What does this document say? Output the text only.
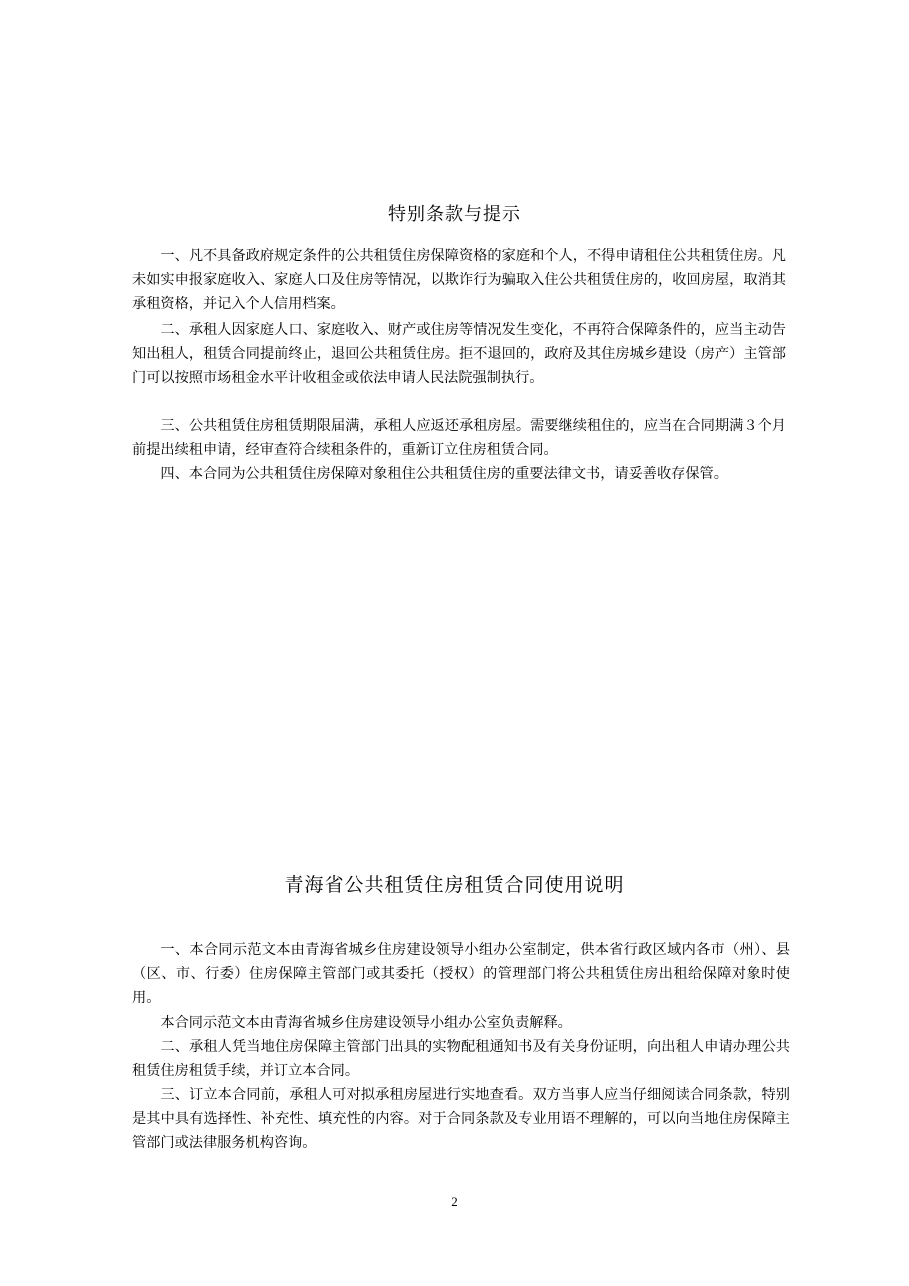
特别条款与提示

一、凡不具备政府规定条件的公共租赁住房保障资格的家庭和个人，不得申请租住公共租赁住房。凡未如实申报家庭收入、家庭人口及住房等情况，以欺诈行为骗取入住公共租赁住房的，收回房屋，取消其承租资格，并记入个人信用档案。

二、承租人因家庭人口、家庭收入、财产或住房等情况发生变化，不再符合保障条件的，应当主动告知出租人，租赁合同提前终止，退回公共租赁住房。拒不退回的，政府及其住房城乡建设（房产）主管部门可以按照市场租金水平计收租金或依法申请人民法院强制执行。

三、公共租赁住房租赁期限届满，承租人应返还承租房屋。需要继续租住的，应当在合同期满３个月前提出续租申请，经审查符合续租条件的，重新订立住房租赁合同。

四、本合同为公共租赁住房保障对象租住公共租赁住房的重要法律文书，请妥善收存保管。

青海省公共租赁住房租赁合同使用说明

一、本合同示范文本由青海省城乡住房建设领导小组办公室制定，供本省行政区域内各市（州）、县（区、市、行委）住房保障主管部门或其委托（授权）的管理部门将公共租赁住房出租给保障对象时使用。

本合同示范文本由青海省城乡住房建设领导小组办公室负责解释。

二、承租人凭当地住房保障主管部门出具的实物配租通知书及有关身份证明，向出租人申请办理公共租赁住房租赁手续，并订立本合同。

三、订立本合同前，承租人可对拟承租房屋进行实地查看。双方当事人应当仔细阅读合同条款，特别是其中具有选择性、补充性、填充性的内容。对于合同条款及专业用语不理解的，可以向当地住房保障主管部门或法律服务机构咨询。

2
